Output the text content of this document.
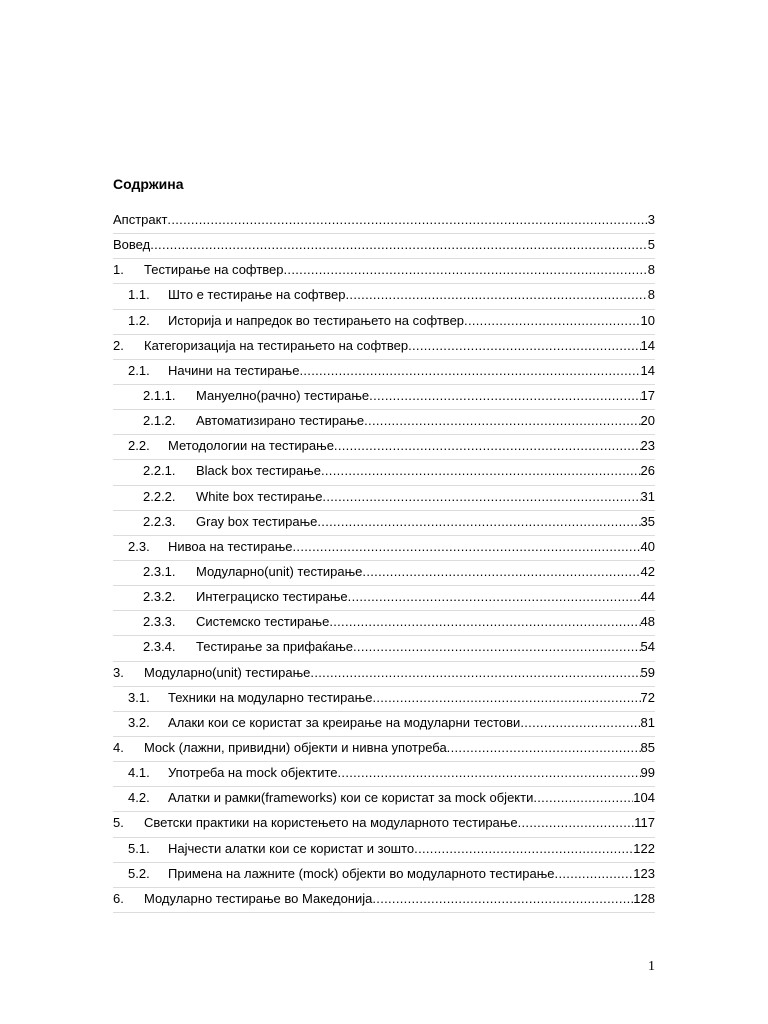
Содржина
Апстракт .....	3
Вовед .....	5
1.	Тестирање на софтвер .....	8
1.1.	Што е тестирање на софтвер .....	8
1.2.	Историја и напредок во тестирањето на софтвер .....	10
2.	Категоризација на тестирањето на софтвер .....	14
2.1.	Начини на тестирање .....	14
2.1.1.	Мануелно(рачно) тестирање .....	17
2.1.2.	Автоматизирано тестирање .....	20
2.2.	Методологии на тестирање .....	23
2.2.1.	Black box тестирање .....	26
2.2.2.	White box тестирање .....	31
2.2.3.	Gray box тестирање .....	35
2.3.	Нивоа на тестирање .....	40
2.3.1.	Модуларно(unit) тестирање .....	42
2.3.2.	Интеграциско тестирање .....	44
2.3.3.	Системско тестирање .....	48
2.3.4.	Тестирање за прифаќање .....	54
3.	Модуларно(unit) тестирање .....	59
3.1.	Техники на модуларно тестирање .....	72
3.2.	Алаки кои се користат за креирање на модуларни тестови .....	81
4.	Mock (лажни, привидни) објекти и нивна употреба .....	85
4.1.	Употреба на mock објектите .....	99
4.2.	Алатки и рамки(frameworks) кои се користат за mock објекти .....	104
5.	Светски практики на користењето на модуларното тестирање .....	117
5.1.	Најчести алатки кои се користат и зошто .....	122
5.2.	Примена на лажните (mock) објекти во модуларното тестирање .....	123
6.	Модуларно тестирање во Македонија .....	128
1
